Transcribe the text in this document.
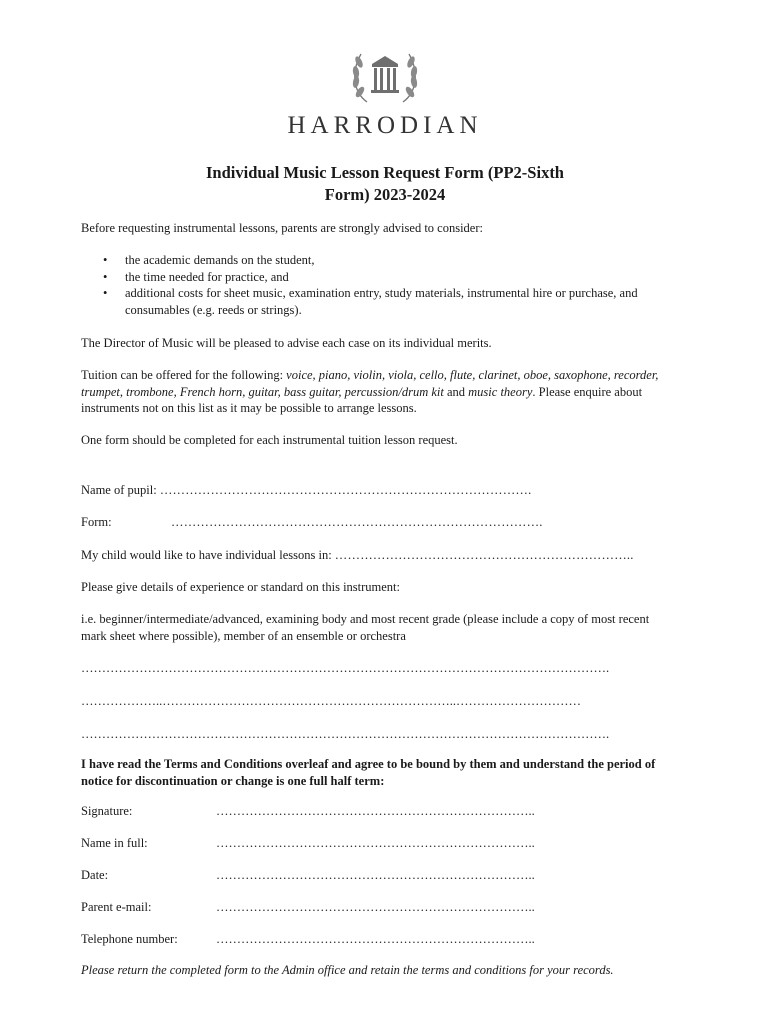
HARRODIAN
Individual Music Lesson Request Form (PP2-Sixth
Form) 2023-2024
Before requesting instrumental lessons, parents are strongly advised to consider:
• the academic demands on the student,
• the time needed for practice, and
• additional costs for sheet music, examination entry, study materials, instrumental hire or purchase, and consumables (e.g. reeds or strings).
The Director of Music will be pleased to advise each case on its individual merits.
Tuition can be offered for the following: voice, piano, violin, viola, cello, flute, clarinet, oboe, saxophone, recorder, trumpet, trombone, French horn, guitar, bass guitar, percussion/drum kit and music theory. Please enquire about instruments not on this list as it may be possible to arrange lessons.
One form should be completed for each instrumental tuition lesson request.
Name of pupil: …………………………………………………………………………….
Form:	…………………………………………………………………………….
My child would like to have individual lessons in: ……………………………………………………………..
Please give details of experience or standard on this instrument:
i.e. beginner/intermediate/advanced, examining body and most recent grade (please include a copy of most recent mark sheet where possible), member of an ensemble or orchestra
……………………………………………………………………………………………………………….
………………..……………………………………………………………..…………………………
……………………………………………………………………………………………………………….
I have read the Terms and Conditions overleaf and agree to be bound by them and understand the period of notice for discontinuation or change is one full half term:
Signature:	…………………………………………………………………..
Name in full:	…………………………………………………………………..
Date:	…………………………………………………………………..
Parent e-mail:	…………………………………………………………………..
Telephone number:	…………………………………………………………………..
Please return the completed form to the Admin office and retain the terms and conditions for your records.
